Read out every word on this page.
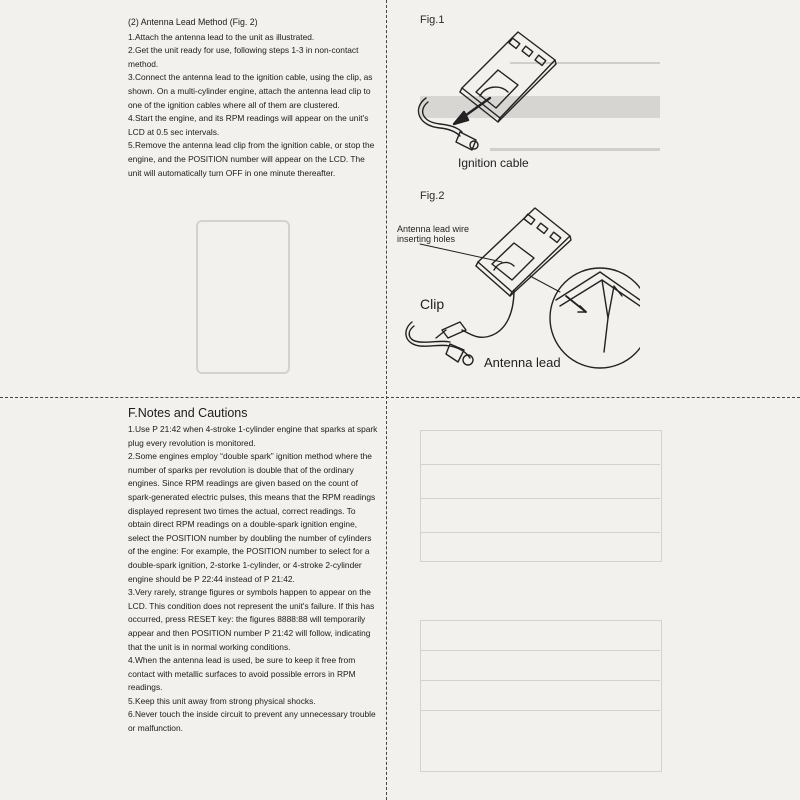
(2) Antenna Lead Method (Fig. 2)

1.Attach the antenna lead to the unit as illustrated.

2.Get the unit ready for use, following steps 1-3 in non-contact method.

3.Connect the antenna lead to the ignition cable, using the clip, as shown. On a multi-cylinder engine, attach the antenna lead clip to one of the ignition cables where all of them are clustered.

4.Start the engine, and its RPM readings will appear on the unit's LCD at 0.5 sec intervals.

5.Remove the antenna lead clip from the ignition cable, or stop the engine, and the POSITION number will appear on the LCD. The unit will automatically turn OFF in one minute thereafter.

F.Notes and Cautions

1.Use P 21:42 when 4-stroke 1-cylinder engine that sparks at spark plug every revolution is monitored.

2.Some engines employ “double spark” ignition method where the number of sparks per revolution is double that of the ordinary engines. Since RPM readings are given based on the count of spark-generated electric pulses, this means that the RPM readings displayed represent two times the actual, correct readings. To obtain direct RPM readings on a double-spark ignition engine, select the POSITION number by doubling the number of cylinders of the engine: For example, the POSITION number to select for a double-spark ignition, 2-storke 1-cylinder, or 4-stroke 2-cylinder engine should be P 22:44 instead of P 21:42.

3.Very rarely, strange figures or symbols happen to appear on the LCD. This condition does not represent the unit's failure. If this has occurred, press RESET key: the figures 8888:88 will temporarily appear and then POSITION number P 21:42 will follow, indicating that the unit is in normal working conditions.

4.When the antenna lead is used, be sure to keep it free from contact with metallic surfaces to avoid possible errors in RPM readings.

5.Keep this unit away from strong physical shocks.

6.Never touch the inside circuit to prevent any unnecessary trouble or malfunction.

Fig.1
Ignition cable
Fig.2
Antenna lead wire inserting holes
Clip
Antenna lead
